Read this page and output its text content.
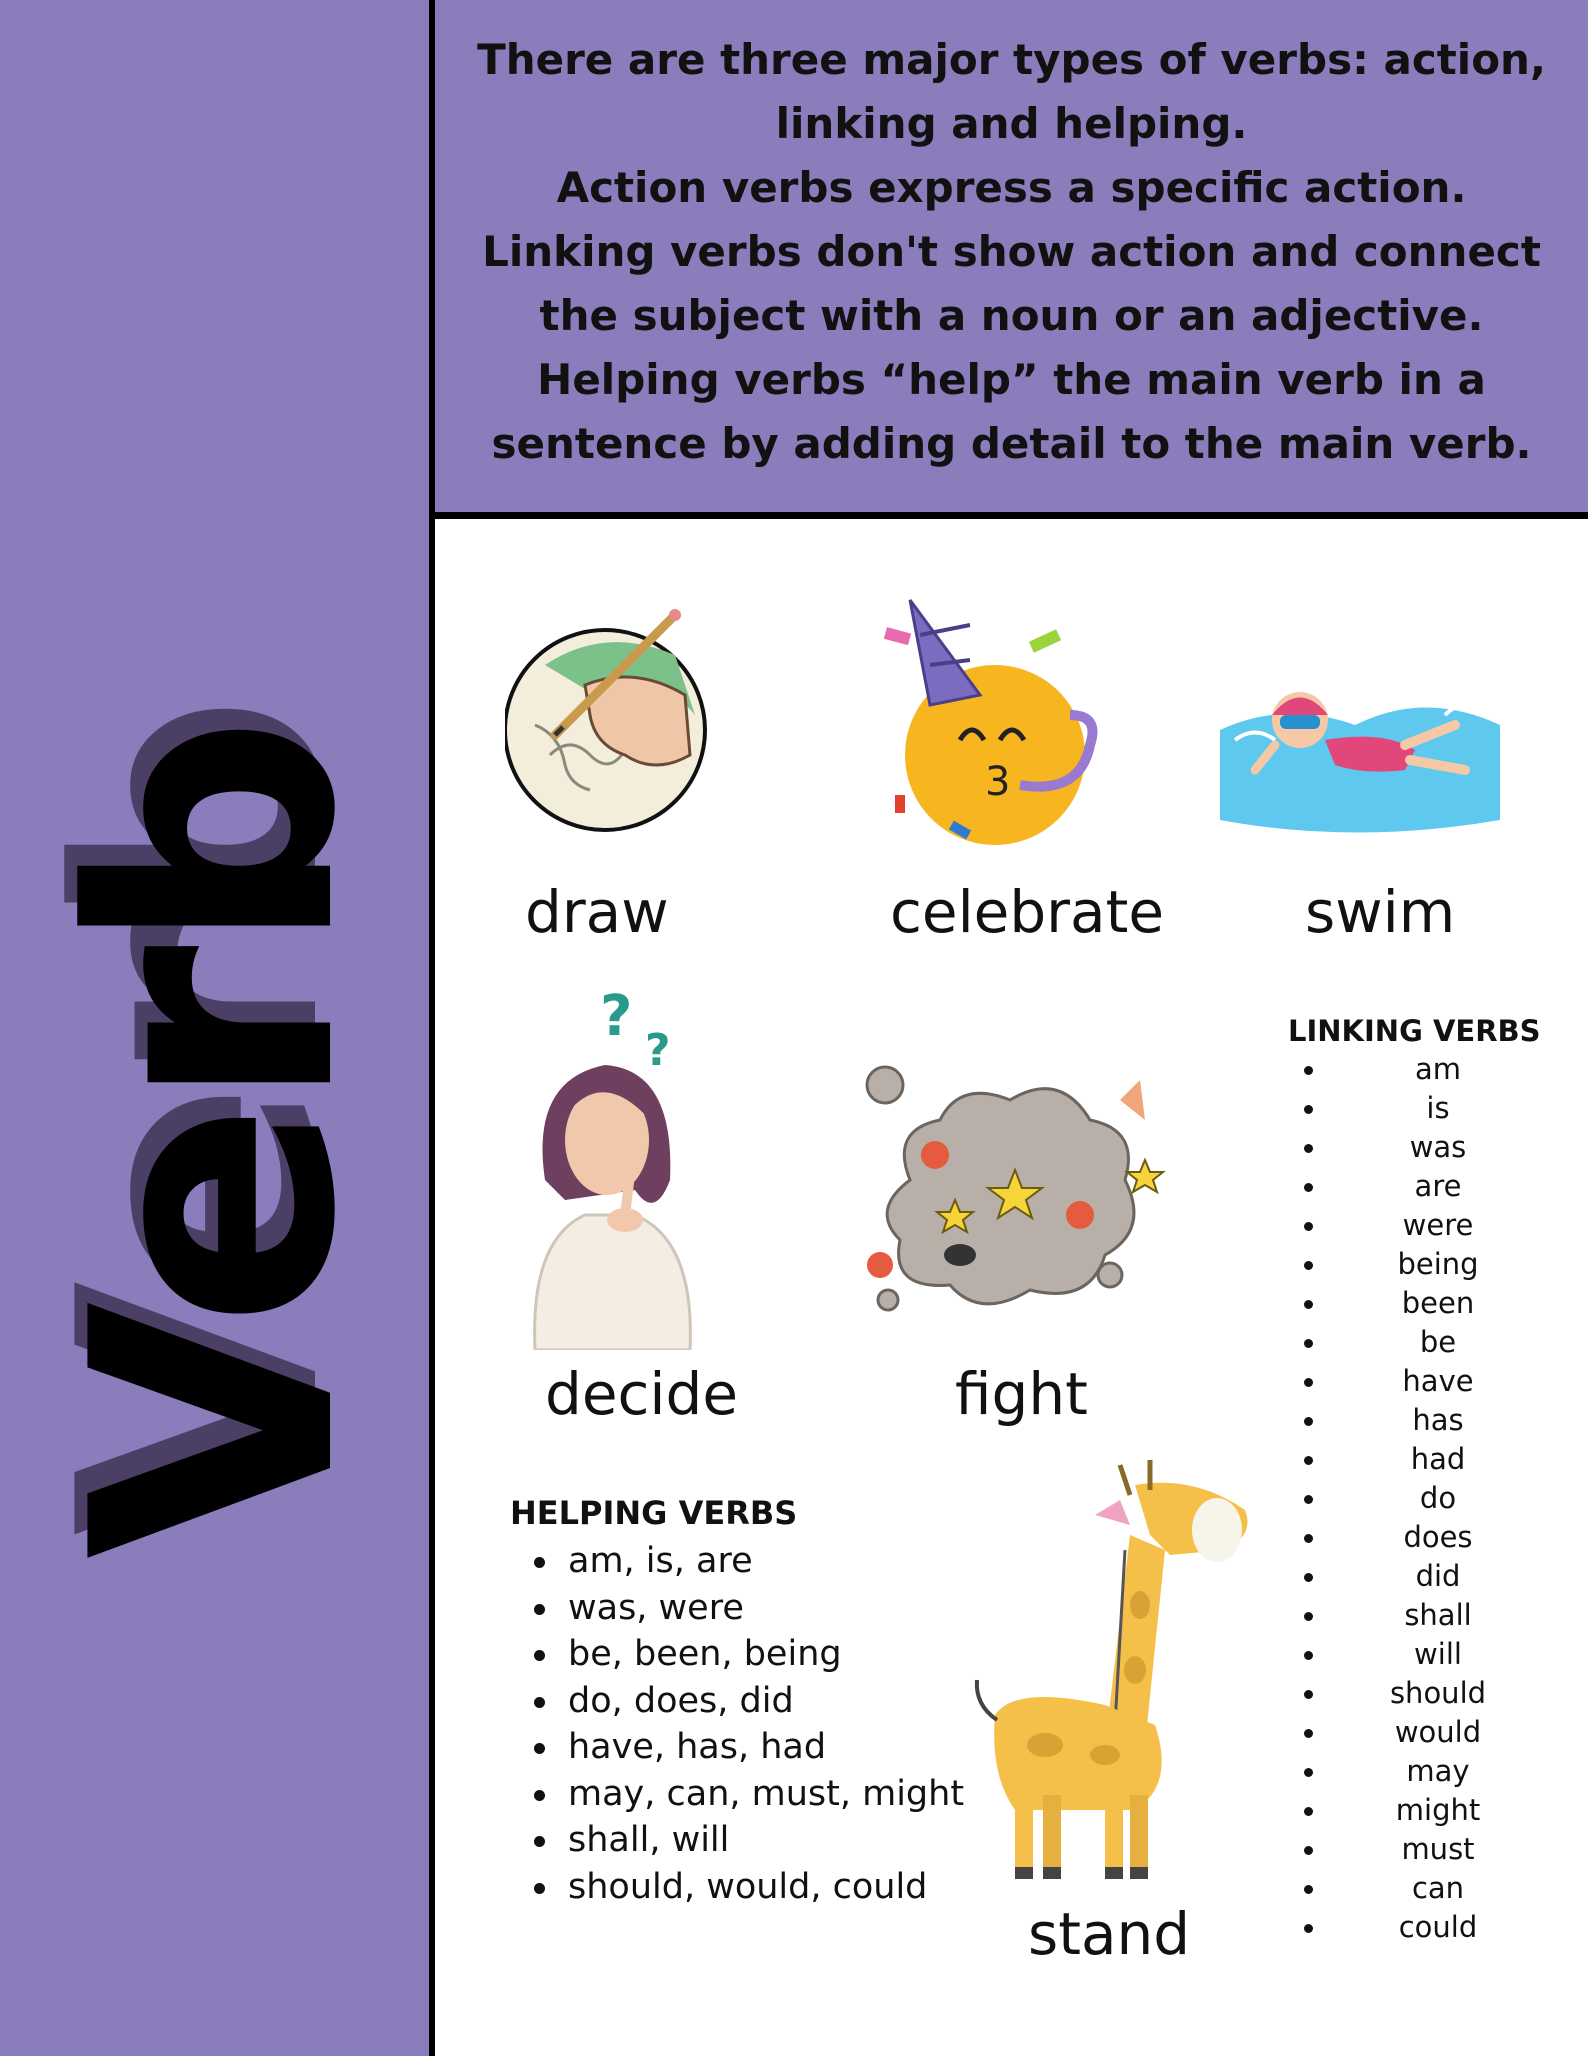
Verb

There are three major types of verbs: action, linking and helping.

Action verbs express a specific action.

Linking verbs don't show action and connect the subject with a noun or an adjective.

Helping verbs “help” the main verb in a sentence by adding detail to the main verb.

draw
3
celebrate swim
?
?
decide	fight
HELPING VERBS
am, is, are
was, were
be, been, being
do, does, did
have, has, had
may, can, must, might
shall, will
should, would, could
stand
LINKING VERBS
am
is
was
are
were
being
been
be
have
has
had
do
does
did
shall
will
should
would
may
might
must
can
could
